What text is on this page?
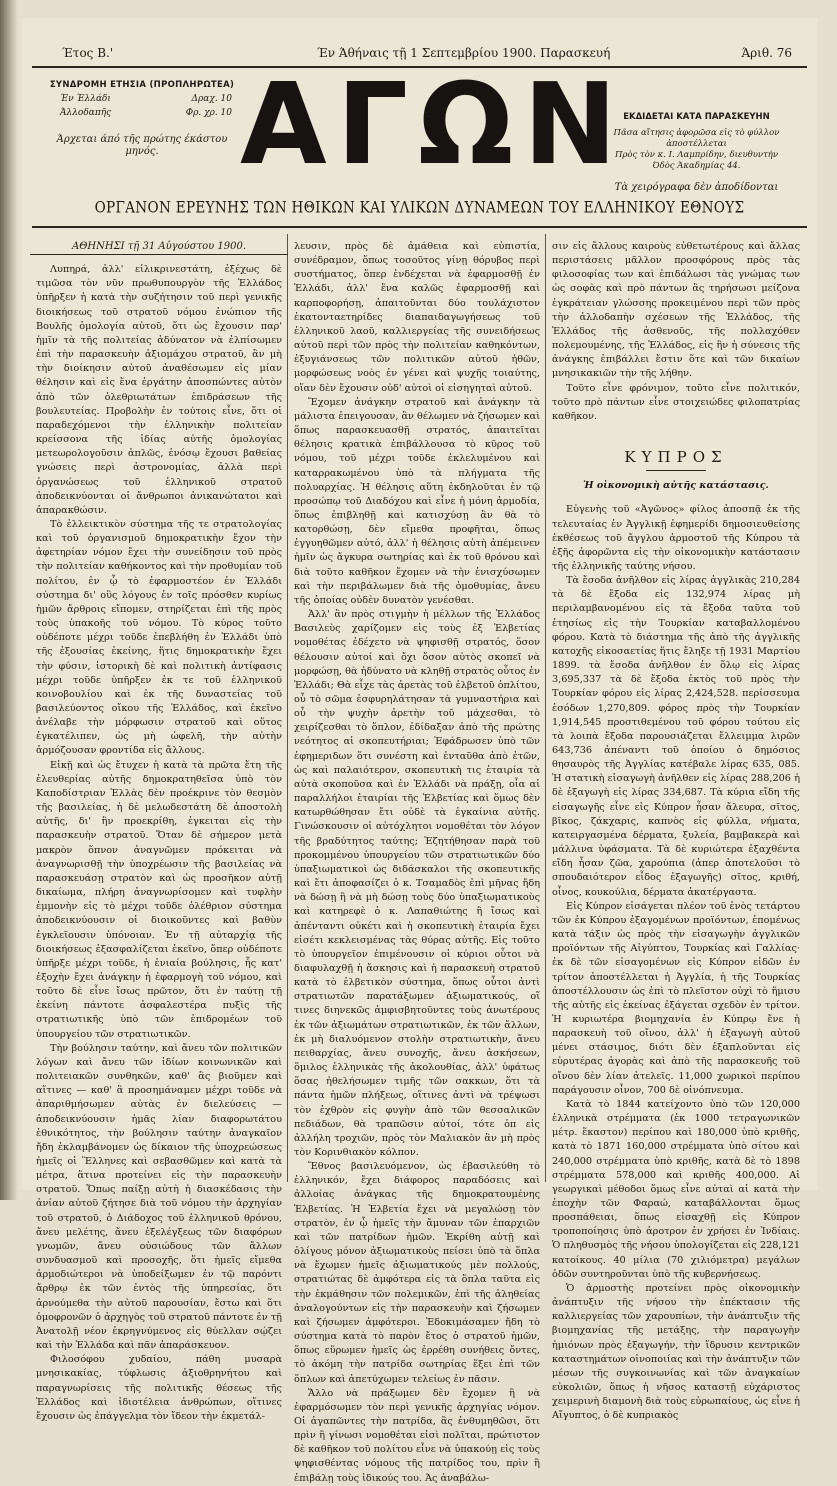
Έτος Β.'	Έν Άθήναις τῇ 1 Σεπτεμβρίου 1900. Παρασκευή	Άριθ. 76
ΣΥΝΔΡΟΜΗ ΕΤΗΣΙΑ (ΠΡΟΠΛΗΡΩΤΕΑ)
Έν Έλλάδι	Δραχ. 10
Άλλοδαπῆς	Φρ. χρ. 10
Άρχεται άπό τῆς πρώτης έκάστου
μηνός. ΑΓΩΝ
ΕΚΔΙΔΕΤΑΙ ΚΑΤΑ ΠΑΡΑΣΚΕΥΗΝ
Πᾶσα αἴτησις ἀφορῶσα εἰς τὸ φύλλον ἀποστέλλεται
Πρὸς τὸν κ. Ι. Λαμπρίδην, διευθυντήν
Όδὸς Άκαδημίας 44.
Τὰ χειρόγραφα δὲν ἀποδίδονται
ΟΡΓΑΝΟΝ ΕΡΕΥΝΗΣ ΤΩΝ ΗΘΙΚΩΝ ΚΑΙ ΥΛΙΚΩΝ ΔΥΝΑΜΕΩΝ ΤΟΥ ΕΛΛΗΝΙΚΟΥ ΕΘΝΟΥΣ

ΑΘΗΝΗΣΙ τῇ 31 Αὐγούστου 1900.

Λυπηρά, ἀλλ' εἰλικρινεστάτη, ἐξέχως δὲ τιμῶσα τὸν νῦν πρωθυπουργὸν τῆς Ἑλλάδος ὑπῆρξεν ἡ κατὰ τὴν συζήτησιν τοῦ περὶ γενικῆς διοικήσεως τοῦ στρατοῦ νόμου ἐνώπιον τῆς Βουλῆς ὁμολογία αὐτοῦ, ὅτι ὡς ἔχουσιν παρ' ἡμῖν τὰ τῆς πολιτείας ἀδύνατον νὰ ἐλπίσωμεν ἐπὶ τὴν παρασκευὴν ἀξιομάχου στρατοῦ, ἂν μὴ τὴν διοίκησιν αὐτοῦ ἀναθέσωμεν εἰς μίαν θέλησιν καὶ εἰς ἕνα ἐργάτην ἀποσπώντες αὐτὸν ἀπὸ τῶν ὀλεθριωτάτων ἐπιδράσεων τῆς βουλευτείας. Προβολὴν ἐν τούτοις εἶνε, ὅτι οἱ παραδεχόμενοι τὴν ἑλληνικὴν πολιτείαν κρείσσονα τῆς ἰδίας αὐτῆς ὁμολογίας μετεωρολογοῦσιν ἁπλῶς, ἐνόσῳ ἔχουσι βαθείας γνώσεις περὶ ἀστρονομίας, ἀλλὰ περὶ ὀργανώσεως τοῦ ἑλληνικοῦ στρατοῦ ἀποδεικνύονται οἱ ἄνθρωποι ἀνικανώτατοι καὶ ἀπαρακθώσιν.

Τὸ ἐλλεικτικὸν σύστημα τῆς τε στρατολογίας καὶ τοῦ ὀργανισμοῦ δημοκρατικὴν ἔχον τὴν ἀφετηρίαν νόμον ἔχει τὴν συνείδησιν τοῦ πρὸς τὴν πολιτείαν καθήκοντος καὶ τὴν προθυμίαν τοῦ πολίτου, ἐν ᾧ τὸ ἐφαρμοστέον ἐν Ἑλλάδι σύστημα δι' οὓς λόγους ἐν τοῖς πρόσθεν κυρίως ἡμῶν ἄρθροις εἴπομεν, στηρίζεται ἐπὶ τῆς πρὸς τοὺς ὑπακοῆς τοῦ νόμου. Τὸ κύρος τοῦτο οὐδέποτε μέχρι τοῦδε ἐπεβλήθη ἐν Ἑλλάδι ὑπὸ τῆς ἐξουσίας ἐκείνης, ἥτις δημοκρατικὴν ἔχει τὴν φύσιν, ἰστορικὴ δὲ καὶ πολιτικὴ ἀντίφασις μέχρι τοῦδε ὑπῆρξεν ἐκ τε τοῦ ἑλληνικοῦ κοινοβουλίου καὶ ἐκ τῆς δυναστείας τοῦ βασιλεύοντος οἴκου τῆς Ἑλλάδος, καὶ ἐκεῖνο ἀνέλαβε τὴν μόρφωσιν στρατοῦ καὶ οὕτος ἐγκατέλιπεν, ὡς μὴ ὠφελῆ, τὴν αὐτὴν ἁρμόζουσαν φροντίδα εἰς ἄλλους.

Εἰκῇ καὶ ὡς ἔτυχεν ἡ κατὰ τὰ πρῶτα ἔτη τῆς ἐλευθερίας αὐτῆς δημοκρατηθεῖσα ὑπὸ τὸν Καποδίστριαν Ἑλλὰς δὲν προέκρινε τὸν θεσμὸν τῆς βασιλείας, ἡ δὲ μελωδεστάτη δὲ ἀποστολὴ αὐτῆς, δι' ἣν προεκρίθη, ἐγκειται εἰς τὴν παρασκευὴν στρατοῦ. Ὅταν δὲ σήμερον μετὰ μακρὸν ὅπνον ἀναγνῶμεν πρόκειται νὰ ἀναγνωρισθῇ τὴν ὑποχρέωσιν τῆς βασιλείας νὰ παρασκευάσῃ στρατὸν καὶ ὡς προσῆκον αὐτῇ δικαίωμα, πλήρη ἀναγνωρίσομεν καὶ τυφλὴν ἐμμονὴν εἰς τὸ μέχρι τοῦδε ὀλέθριον σύστημα ἀποδεικνύουσιν οἱ διοικοῦντες καὶ βαθὺν ἐγκλεῖουσιν ὑπόνοιαν. Ἐν τῇ αὐταρχίᾳ τῆς διοικήσεως ἐξασφαλίζεται ἐκεῖνο, ὅπερ οὐδέποτε ὑπῆρξε μέχρι τοῦδε, ἡ ἑνιαία βούλησις, ἧς κατ' ἐξοχὴν ἔχει ἀνάγκην ἡ ἐφαρμογὴ τοῦ νόμου, καὶ τοῦτο δὲ εἶνε ἴσως πρῶτον, ὅτι ἐν ταύτῃ τῇ ἐκείνη πάντοτε ἀσφαλεστέρα πυξὶς τῆς στρατιωτικῆς ὑπὸ τῶν ἐπιδρομέων τοῦ ὑπουργείου τῶν στρατιωτικῶν.

Τὴν βούλησιν ταύτην, καὶ ἄνευ τῶν πολιτικῶν λόγων καὶ ἄνευ τῶν ἰδίων κοινωνικῶν καὶ πολιτειακῶν συνθηκῶν, καθ' ἃς βιοῦμεν καὶ αἵτινες — καθ' ἃ προσημάναμεν μέχρι τοῦδε νὰ ἀπαριθμήσωμεν αὐτὰς ἐν διελεύσεις — ἀποδεικνύουσιν ἡμᾶς λίαν διαφορωτάτου ἐθνικότητος, τὴν βούλησιν ταύτην ἀναγκαῖον ἤδη ἐκλαμβάνομεν ὡς δίκαιον τῆς ὑποχρεώσεως ἡμεῖς οἱ Ἕλληνες καὶ σεβασθῶμεν καὶ κατὰ τὰ μέτρα, ἅτινα προτείνει εἰς τὴν παρασκευὴν στρατοῦ. Ὅπως παίξῃ αὐτὴ ἡ διασκέδασις τὴν ἀνίαν αὐτοῦ ζήτησε διὰ τοῦ νόμου τὴν ἀρχηγίαν τοῦ στρατοῦ, ὁ Διάδοχος τοῦ ἑλληνικοῦ θρόνου, ἄνευ μελέτης, ἄνευ ἐξελέγξεως τῶν διαφόρων γνωμῶν, ἄνευ οὐσιώδους τῶν ἄλλων συνδυασμοῦ καὶ προσοχῆς, ὅτι ἡμεῖς εἴμεθα ἁρμοδιώτεροι νὰ ὑποδείξωμεν ἐν τῷ παρόντι ἄρθρῳ ἐκ τῶν ἐντὸς τῆς ὑπηρεσίας, ὅτι ἀρνούμεθα τὴν αὐτοῦ παρουσίαν, ἔστω καὶ ὅτι ὁμοφρονῶν ὁ ἀρχηγὸς τοῦ στρατοῦ πάντοτε ἐν τῇ Ἀνατολῇ νέον ἐκρηγνύμενος εἰς θύελλαν σῴζει καὶ τὴν Ἑλλάδα καὶ πᾶν ἀπαράσκευον.

Φιλοσόφου χυδαίου, πάθη μυσαρὰ μνησικακίας, τύφλωσις ἀξιοθρηνήτου καὶ παραγνωρίσεις τῆς πολιτικῆς θέσεως τῆς Ἑλλάδος καὶ ἰδιοτέλεια ἀνθρώπων, οἵτινες ἔχουσιν ὡς ἐπάγγελμα τὸν ἴδεον τὴν ἐκμετάλ-

λευσιν, πρὸς δὲ ἀμάθεια καὶ εὐπιστία, συνέδραμον, ὅπως τοσοῦτος γίνῃ θόρυβος περὶ συστήματος, ὅπερ ἐνδέχεται νὰ ἐφαρμοσθῇ ἐν Ἑλλάδι, ἀλλ' ἕνα καλῶς ἐφαρμοσθῇ καὶ καρποφορήσῃ, ἀπαιτοῦνται δύο τουλάχιστον ἑκατονταετηρίδες διαπαιδαγωγήσεως τοῦ ἑλληνικοῦ λαοῦ, καλλιεργείας τῆς συνειδήσεως αὐτοῦ περὶ τῶν πρὸς τὴν πολιτείαν καθηκόντων, ἐξυγιάνσεως τῶν πολιτικῶν αὐτοῦ ἠθῶν, μορφώσεως νοὸς ἐν γένει καὶ ψυχῆς τοιαύτης, οἵαν δὲν ἔχουσιν οὐδ' αὐτοὶ οἱ εἰσηγηταὶ αὐτοῦ.

Ἔχομεν ἀνάγκην στρατοῦ καὶ ἀνάγκην τὰ μάλιστα ἐπειγουσαν, ἂν θέλωμεν νὰ ζήσωμεν καὶ ὅπως παρασκευασθῇ στρατός, ἀπαιτεῖται θέλησις κρατικὰ ἐπιβάλλουσα τὸ κῦρος τοῦ νόμου, τοῦ μέχρι τοῦδε ἐκλελυμένου καὶ καταρρακωμένου ὑπὸ τὰ πλήγματα τῆς πολυαρχίας. Ἡ θέλησις αὕτη ἐκδηλοῦται ἐν τῷ προσώπῳ τοῦ Διαδόχου καὶ εἶνε ἡ μόνη ἁρμοδία, ὅπως ἐπιβληθῇ καὶ κατισχύσῃ ἂν θὰ τὸ κατορθώσῃ, δὲν εἴμεθα προφῆται, ὅπως ἐγγυηθῶμεν αὐτό, ἀλλ' ἡ θέλησις αὐτὴ ἀπέμεινεν ἡμῖν ὡς ἄγκυρα σωτηρίας καὶ ἐκ τοῦ θρόνου καὶ διὰ τοῦτο καθῆκον ἔχομεν νὰ τὴν ἐνισχύσωμεν καὶ τὴν περιβάλωμεν διὰ τῆς ὁμοθυμίας, ἄνευ τῆς ὁποίας οὐδὲν δυνατὸν γενέσθαι.

Ἀλλ' ἂν πρὸς στιγμὴν ἡ μέλλων τῆς Ἑλλάδος Βασιλεὺς χαρίζομεν εἰς τοὺς ἐξ Ἑλβετίας νομοθέτας ἐδέχετο νὰ ψηφισθῇ στρατός, ὅσον θέλουσιν αὐτοί καὶ ὄχι ὅσον αὐτὸς σκοπεῖ νὰ μορφώσῃ, θὰ ἠδύνατο νὰ κληθῇ στρατὸς οὗτος ἐν Ἑλλάδι; Θὰ εἶχε τὰς ἀρετὰς τοῦ ἑλβετοῦ ὁπλίτου, οὗ τὸ σῶμα ἐσφυρηλάτησαν τὰ γυμναστήρια καὶ οὗ τὴν ψυχὴν ἀρετὴν τοῦ μάχεσθαι, τὸ χειρίζεσθαι τὸ ὅπλον, ἐδίδαξαν ἀπὸ τῆς πρώτης νεότητος αἱ σκοπευτήριαι; Ἐφάδρωσεν ὑπὸ τῶν ἐφημεριδων ὅτι συνέστη καὶ ἐνταῦθα ἀπὸ ἐτῶν, ὡς καὶ παλαιότερον, σκοπευτικὴ τις ἑταιρία τὰ αὐτὰ σκοποῦσα καὶ ἐν Ἑλλάδι νὰ πράξῃ, οἷα αἱ παραλλήλοι ἑταιρίαι τῆς Ἑλβετίας καὶ ὅμως δὲν κατωρθώθησαν ἔτι οὐδὲ τὰ ἐγκαίνια αὐτῆς. Γινώσκουσιν οἱ αὐτόχλητοι νομοθέται τὸν λόγον τῆς βραδύτητος ταύτης; Ἐζητήθησαν παρὰ τοῦ προκομμένου ὑπουργείου τῶν στρατιωτικῶν δύο ὑπαξιωματικοὶ ὡς διδάσκαλοι τῆς σκοπευτικῆς καὶ ἔτι ἀποφασίζει ὁ κ. Τσαμαδὸς ἐπὶ μῆνας ἤδη νὰ δώσῃ ἢ νὰ μὴ δώσῃ τοὺς δύο ὑπαξιωματικοὺς καὶ κατηρεφὲ ὁ κ. Λαπαθιώτης ἢ ἴσως καὶ ἀπένταντι οὐκέτι καὶ ἡ σκοπευτικὴ ἑταιρία ἔχει εἰσέτι κεκλεισμένας τὰς θύρας αὐτῆς. Εἰς τοῦτο τὸ ὑπουργεῖον ἐπιμένουσιν οἱ κύριοι οὗτοι νὰ διαφυλαχθῇ ἡ ἄσκησις καὶ ἡ παρασκευὴ στρατοῦ κατὰ τὸ ἑλβετικὸν σύστημα, ὅπως οὗτοι ἀντὶ στρατιωτῶν παρατάξωμεν ἀξιωματικούς, οἵ τινες διηνεκῶς ἀμφισβητοῦντες τοὺς ἀνωτέρους ἐκ τῶν ἀξιωμάτων στρατιωτικῶν, ἐκ τῶν ἄλλων, ἐκ μὴ διαλυόμενον στολὴν στρατιωτικὴν, ἄνευ πειθαρχίας, ἄνευ συνοχῆς, ἄνευ ἀσκήσεων, ὅμιλος ἑλληνικὰς τῆς ἀκολουθίας, ἀλλ' ὑφάτως ὅσας ἠθελήσωμεν τιμῆς τῶν σακκων, ὅτι τὰ πάντα ἡμῶν πλήξεως, οἵτινες ἀντὶ νὰ τρέψωσι τὸν ἐχθρὸν εἰς φυγὴν ἀπὸ τῶν θεσσαλικῶν πεδιάδων, θὰ τραπῶσιν αὐτοί, τότε ὁπ εἰς ἀλλήλη τροχιῶν, πρὸς τὸν Μαλιακὸν ἂν μὴ πρὸς τὸν Κορινθιακὸν κόλπον.

Ἔθνος βασιλευόμενον, ὡς ἐβασιλεύθη τὸ ἑλληνικόν, ἔχει διάφορος παραδόσεις καὶ ἀλλοίας ἀνάγκας τῆς δημοκρατουμένης Ἑλβετίας. Ἡ Ἑλβετία ἔχει νὰ μεγαλώσῃ τὸν στρατὸν, ἐν ᾧ ἡμεῖς τὴν ἄμυναν τῶν ἐπαρχιῶν καὶ τῶν πατρίδων ἡμῶν. Ἐκρίθη αὐτῇ καὶ ὀλίγους μόνον ἀξιωματικοὺς πείσει ὑπὸ τὰ ὅπλα νὰ ἔχωμεν ἡμεῖς ἀξιωματικούς μὲν πολλούς, στρατιώτας δὲ ἀμφότερα εἰς τὰ ὅπλα ταῦτα εἰς τὴν ἐκμάθησιν τῶν πολεμικῶν, ἐπὶ τῆς ἀληθείας ἀναλογούντων εἰς τὴν παρασκευὴν καὶ ζήσωμεν καὶ ζήσωμεν ἀμφότεροι. Ἐδοκιμάσαμεν ἤδη τὸ σύστημα κατὰ τὸ παρὸν ἔτος ὁ στρατοῦ ἡμῶν, ὅπως εὕρωμεν ἡμεῖς ὡς ἐρρέθη συνήθεις ὄντες, τὸ ἀκόμη τὴν πατρίδα σωτηρίας ἕξει ἐπὶ τῶν ὅπλων καὶ ἀπετύχωμεν τελείως ἐν πᾶσιν.

Ἄλλο νὰ πράξωμεν δὲν ἔχομεν ἢ νὰ ἐφαρμόσωμεν τὸν περὶ γενικῆς ἀρχηγίας νόμον. Οἱ ἀγαπῶντες τὴν πατρίδα, ἂς ἐνθυμηθῶσι, ὅτι πρὶν ἢ γίνωσι νομοθέται εἰσὶ πολῖται, πρώτιστον δὲ καθῆκον τοῦ πολίτου εἶνε νὰ ὑπακούῃ εἰς τοὺς ψηφισθέντας νόμους τῆς πατρίδος του, πρὶν ἢ ἐπιβάλῃ τοὺς ἰδικούς του. Ἀς ἀναβάλω-

σιν εἰς ἄλλους καιροὺς εὐθετωτέρους καὶ ἄλλας περιστάσεις μᾶλλον προσφόρους πρὸς τὰς φιλοσοφίας των καὶ ἐπιδάλωσι τὰς γνώμας των ὡς σοφὰς καὶ πρὸ πάντων ἂς τηρήσωσι μείζονα ἐγκράτειαν γλώσσης προκειμένου περὶ τῶν πρὸς τὴν ἀλλοδαπὴν σχέσεων τῆς Ἑλλάδος, τῆς Ἑλλάδος τῆς ἀσθενοῦς, τῆς πολλαχόθεν πολεμουμένης, τῆς Ἑλλάδος, εἰς ἣν ἡ σύνεσις τῆς ἀνάγκης ἐπιβάλλει ἔστιν ὅτε καὶ τῶν δικαίων μνησικακιῶν τὴν τῆς λήθην.

Τοῦτο εἶνε φρόνιμον, τοῦτο εἶνε πολιτικόν, τοῦτο πρὸ πάντων εἶνε στοιχειώδες φιλοπατρίας καθῆκον.

ΚΥΠΡΟΣ
Ἡ οἰκονομικὴ αὐτῆς κατάστασις.

Εὐγενὴς τοῦ «Ἀγῶνος» φίλος ἀποσπᾷ ἐκ τῆς τελευταίας ἐν Ἀγγλικῇ ἐφημερίδι δημοσιευθείσης ἐκθέσεως τοῦ ἄγγλου ἁρμοστοῦ τῆς Κύπρου τὰ ἑξῆς ἀφορῶντα εἰς τὴν οἰκονομικὴν κατάστασιν τῆς ἑλληνικῆς ταύτης νήσου.

Τὰ ἔσοδα ἀνῆλθον εἰς λίρας ἀγγλικὰς 210,284 τὰ δὲ ἔξοδα εἰς 132,974 λίρας μὴ περιλαμβανομένου εἰς τὰ ἔξοδα ταῦτα τοῦ ἐτησίως εἰς τὴν Τουρκίαν καταβαλλομένου φόρου. Κατὰ τὸ διάστημα τῆς ἀπὸ τῆς ἀγγλικῆς κατοχῆς εἰκοσαετίας ἥτις ἔληξε τῇ 1931 Μαρτίου 1899. τὰ ἔσοδα ἀνῆλθον ἐν ὅλῳ εἰς λίρας 3,695,337 τὰ δὲ ἔξοδα ἐκτὸς τοῦ πρὸς τὴν Τουρκίαν φόρου εἰς λίρας 2,424,528. περίσσευμα ἐσόδων 1,270,809. φόρος πρὸς τὴν Τουρκίαν 1,914,545 προστιθεμένου τοῦ φόρου τούτου εἰς τὰ λοιπὰ ἔξοδα παρουσιάζεται ἔλλειμμα λιρῶν 643,736 ἀπέναντι τοῦ ὁποίου ὁ δημόσιος θησαυρὸς τῆς Ἀγγλίας κατέβαλε λίρας 635, 085. Ἡ στατικὴ εἰσαγωγὴ ἀνῆλθεν εἰς λίρας 288,206 ἡ δὲ ἐξαγωγὴ εἰς λίρας 334,687. Τὰ κύρια εἴδη τῆς εἰσαγωγῆς εἶνε εἰς Κύπρον ἦσαν ἄλευρα, σῖτος, βῖκος, ζάκχαρις, καπνὸς εἰς φύλλα, νήματα, κατειργασμένα δέρματα, ξυλεία, βαμβακερὰ καὶ μάλλινα ὑφάσματα. Τὰ δὲ κυριώτερα ἐξαχθέντα εἴδη ἦσαν ζῶα, χαρούπια (ἀπερ ἀποτελοῦσι τὸ σπουδαιότερον εἶδος ἐξαγωγῆς) σῖτος, κριθή, οἶνος, κουκούλια, δέρματα ἀκατέργαστα.

Εἰς Κύπρον εἰσάγεται πλέον τοῦ ἑνὸς τετάρτου τῶν ἐκ Κύπρου ἐξαγομένων προϊόντων, ἐπομένως κατὰ τάξιν ὡς πρὸς τὴν εἰσαγωγὴν ἀγγλικῶν προϊόντων τῆς Αἰγύπτου, Τουρκίας καὶ Γαλλίας· ἐκ δὲ τῶν εἰσαγομένων εἰς Κύπρον εἰδῶν ἐν τρίτον ἀποστέλλεται ἡ Ἀγγλία, ἡ τῆς Τουρκίας ἀποστέλλουσιν ὡς ἐπὶ τὸ πλεῖστον οὐχὶ τὸ ἥμισυ τῆς αὐτῆς εἰς ἐκείνας ἐξάγεται σχεδὸν ἐν τρίτον. Ἡ κυριωτέρα βιομηχανία ἐν Κύπρῳ ἔνε ἡ παρασκευὴ τοῦ οἴνου, ἀλλ' ἡ ἐξαγωγὴ αὐτοῦ μένει στάσιμος, διότι δὲν ἐξαπλοῦνται εἰς εὐρυτέρας ἀγορὰς καὶ ἀπὸ τῆς παρασκευῆς τοῦ οἴνου δὲν λίαν ἀτελεῖς. 11,000 χωρικοὶ περίπου παράγουσιν οἶνον, 700 δὲ οἰνόπνευμα.

Κατὰ τὸ 1844 κατείχοντο ὑπὸ τῶν 120,000 ἑλληνικὰ στρέμματα (ἐκ 1000 τετραγωνικῶν μέτρ. ἕκαστον) περίπου καὶ 180,000 ὑπὸ κριθῆς, κατὰ τὸ 1871 160,000 στρέμματα ὑπὸ σίτου καὶ 240,000 στρέμματα ὑπὸ κριθῆς, κατὰ δὲ τὸ 1898 στρέμματα 578,000 καὶ κριθῆς 400,000. Αἱ γεωργικαὶ μέθοδοι ὅμως εἶνε αὐταὶ αἱ κατὰ τὴν ἐποχὴν τῶν Φαραώ, καταβάλλονται ὅμως προσπάθειαι, ὅπως εἰσαχθῇ εἰς Κύπρον τροποποίησις ὑπὸ ἀροτρον ἐν χρήσει ἐν Ἰνδίαις. Ὁ πληθυσμὸς τῆς νήσου ὑπολογίζεται εἰς 228,121 κατοίκους. 40 μίλια (70 χιλιόμετρα) μεγάλων ὁδῶν συντηροῦνται ὑπὸ τῆς κυβερνήσεως.

Ὁ ἁρμοστὴς προτείνει πρὸς οἰκονομικὴν ἀνάπτυξιν τῆς νήσου τὴν ἐπέκτασιν τῆς καλλιεργείας τῶν χαρουπίων, τὴν ἀνάπτυξιν τῆς βιομηχανίας τῆς μετάξης, τὴν παραγωγὴν ἡμιόνων πρὸς ἐξαγωγήν, τὴν ἵδρυσιν κεντρικῶν καταστημάτων οἰνοποιίας καὶ τὴν ἀνάπτυξιν τῶν μέσων τῆς συγκοινωνίας καὶ τῶν ἀναγκαίων εὐκολιῶν, ὅπως ἡ νῆσος καταστῇ εὐχάριστος χειμερινὴ διαμονὴ διὰ τοὺς εὐρωπαίους, ὡς εἶνε ἡ Αἴγυπτος, ὁ δὲ κυπριακὸς
